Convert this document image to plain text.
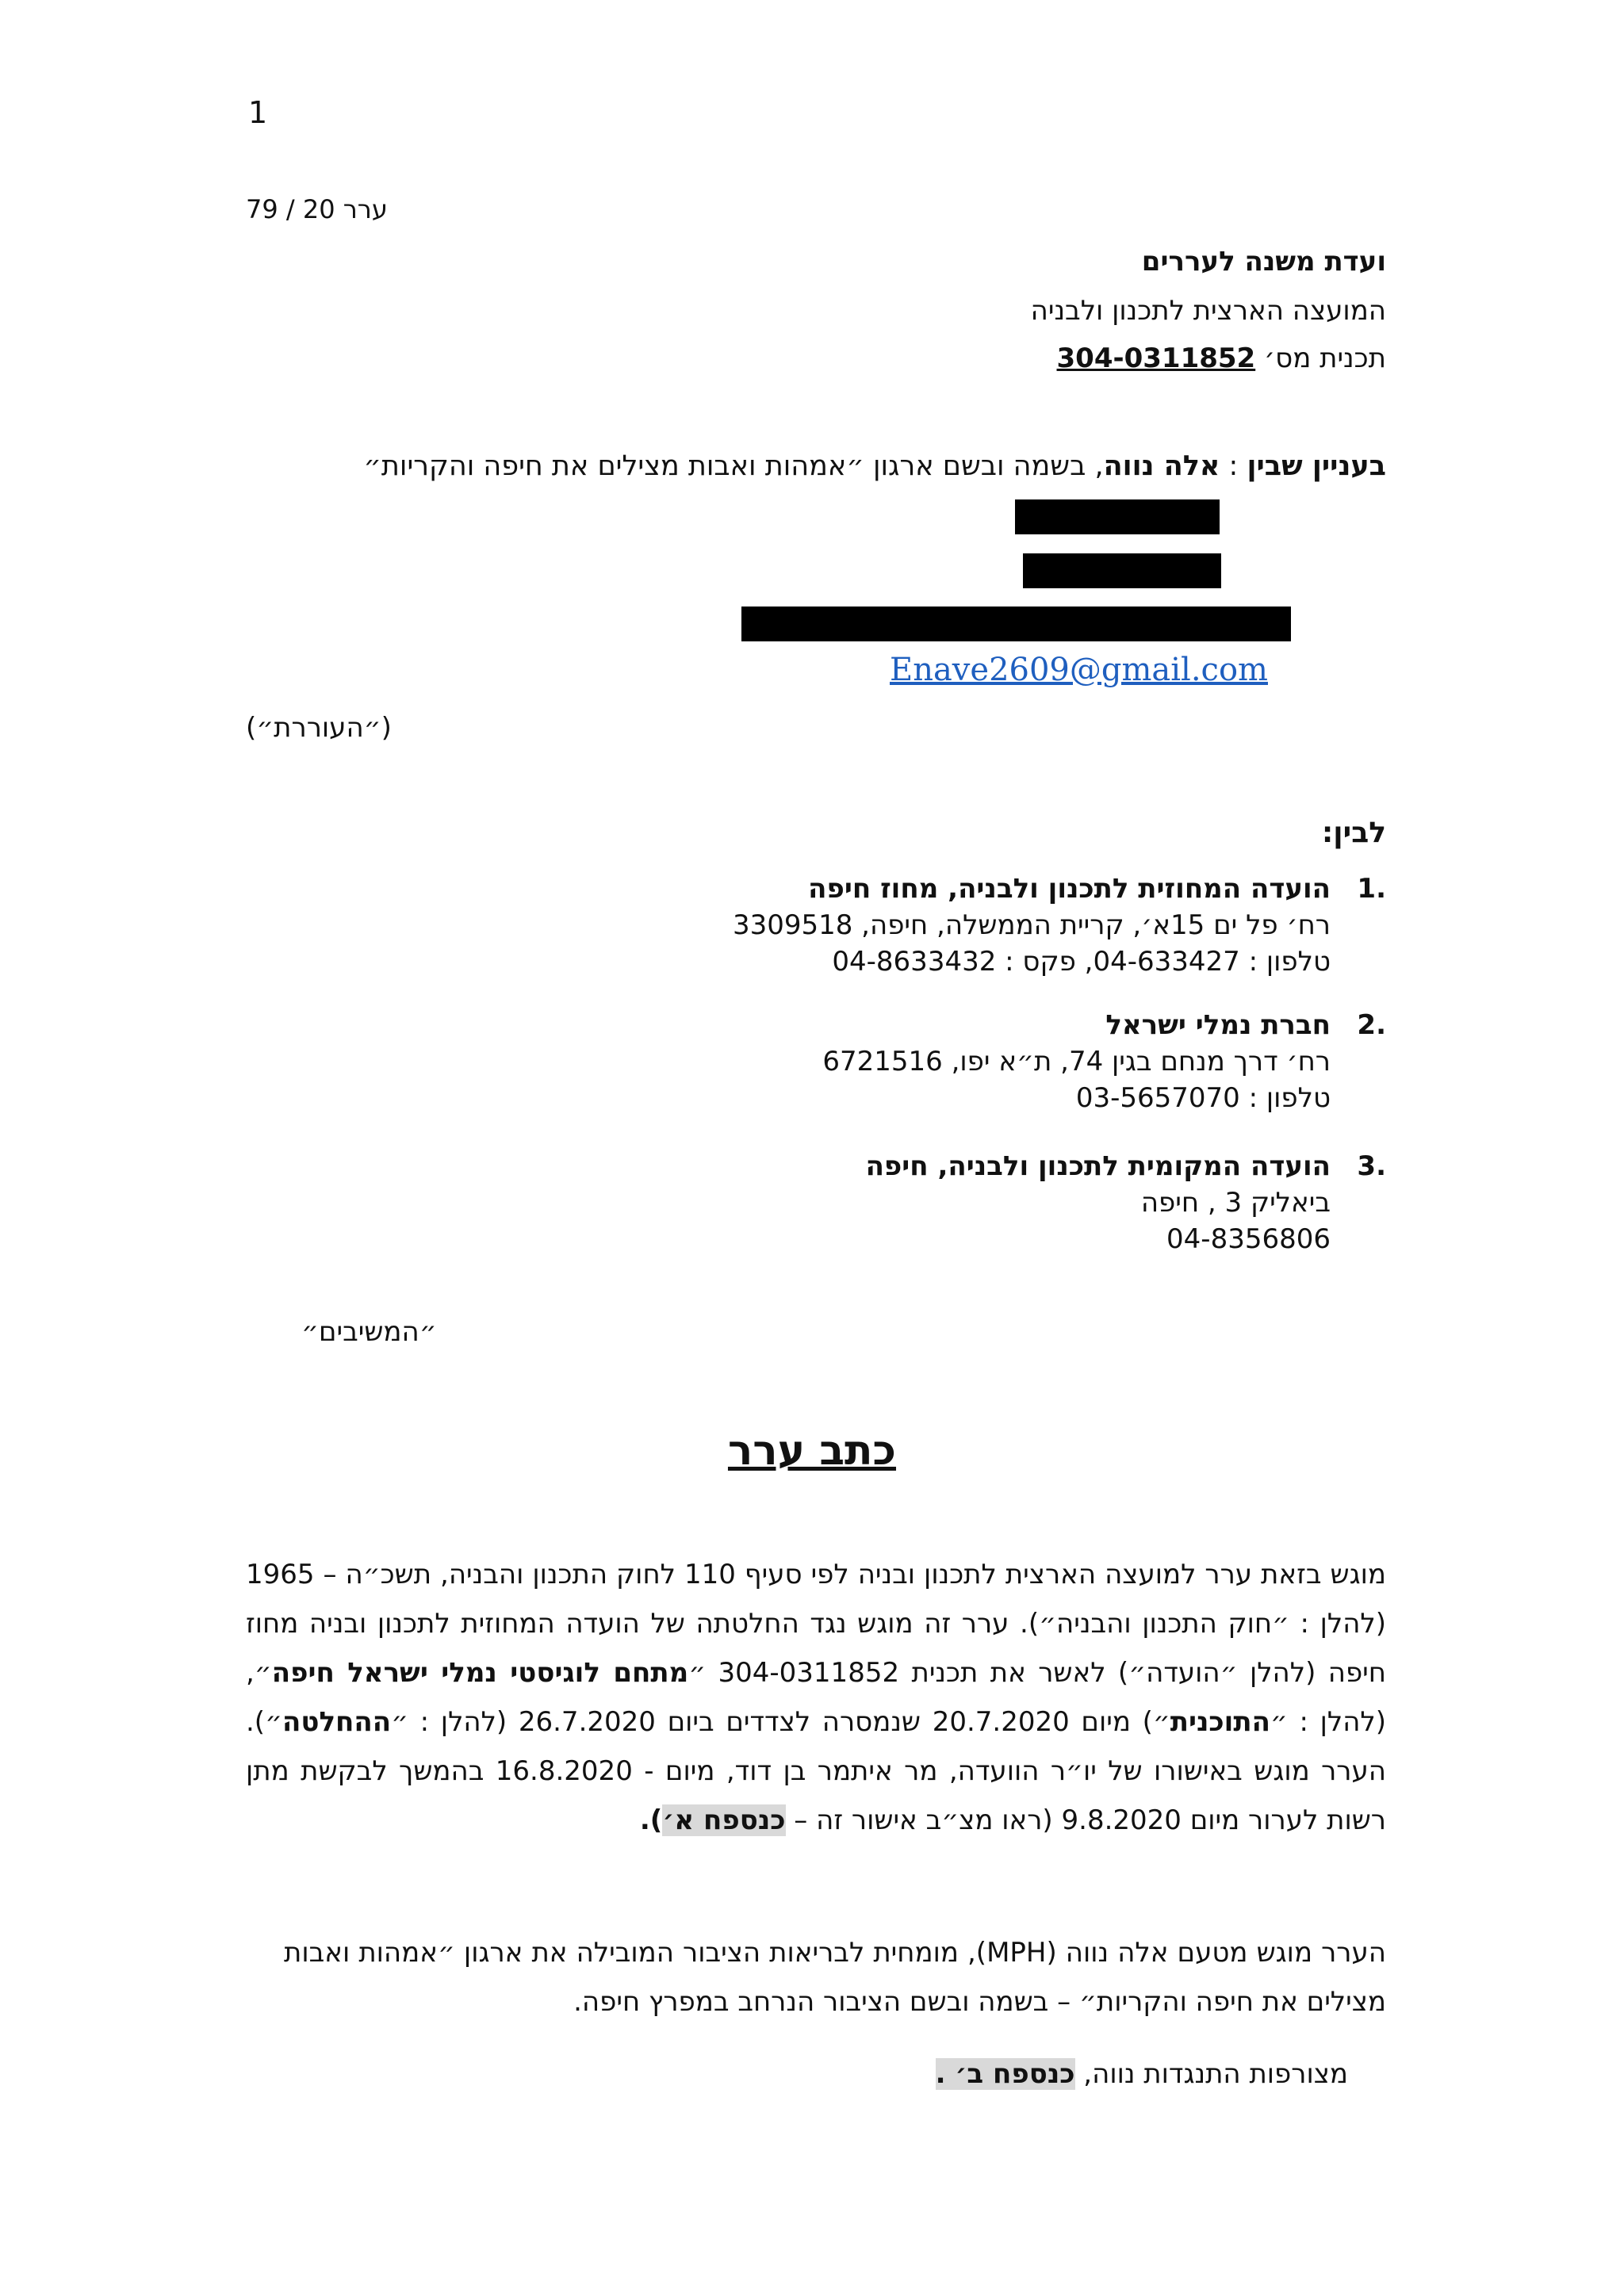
1
ערר 20 / 79
ועדת משנה לעררים
המועצה הארצית לתכנון ולבניה
תכנית מס׳ 304-0311852
בעניין שבין : אלה נווה, בשמה ובשם ארגון ״אמהות ואבות מצילים את חיפה והקריות״
Enave2609@gmail.com
(״העוררת״)
לבין:
.1
הועדה המחוזית לתכנון ולבניה, מחוז חיפה
רח׳ פל ים 15א׳, קריית הממשלה, חיפה, 3309518
טלפון : 04-633427, פקס : 04-8633432
.2
חברת נמלי ישראל
רח׳ דרך מנחם בגין 74, ת״א יפו, 6721516
טלפון : 03-5657070
.3
הועדה המקומית לתכנון ולבניה, חיפה
ביאליק 3 , חיפה
04-8356806
״המשיבים״
כתב ערר
מוגש בזאת ערר למועצה הארצית לתכנון ובניה לפי סעיף 110 לחוק התכנון והבניה, תשכ״ה – 1965 (להלן : ״חוק התכנון והבניה״). ערר זה מוגש נגד החלטתה של הועדה המחוזית לתכנון ובניה מחוז חיפה (להלן ״הועדה״) לאשר את תכנית 304-0311852 ״מתחם לוגיסטי נמלי ישראל חיפה״, (להלן : ״התוכנית״) מיום 20.7.2020 שנמסרה לצדדים ביום 26.7.2020 (להלן : ״ההחלטה״). הערר מוגש באישורו של יו״ר הוועדה, מר איתמר בן דוד, מיום - 16.8.2020 בהמשך לבקשת מתן רשות לערור מיום 9.8.2020 (ראו מצ״ב אישור זה – כנספח א׳).
הערר מוגש מטעם אלה נווה (MPH), מומחית לבריאות הציבור המובילה את ארגון ״אמהות ואבות מצילים את חיפה והקריות״ – בשמה ובשם הציבור הנרחב במפרץ חיפה.
מצורפות התנגדות נווה, כנספח ב׳ .
